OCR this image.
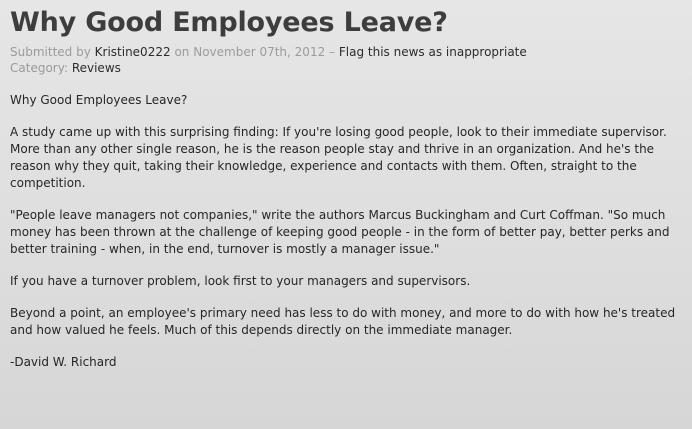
Why Good Employees Leave?
Submitted by Kristine0222 on November 07th, 2012 – Flag this news as inappropriate
Category: Reviews

Why Good Employees Leave?

A study came up with this surprising finding: If you're losing good people, look to their immediate supervisor. More than any other single reason, he is the reason people stay and thrive in an organization. And he's the reason why they quit, taking their knowledge, experience and contacts with them. Often, straight to the competition.

"People leave managers not companies," write the authors Marcus Buckingham and Curt Coffman. "So much money has been thrown at the challenge of keeping good people - in the form of better pay, better perks and better training - when, in the end, turnover is mostly a manager issue."

If you have a turnover problem, look first to your managers and supervisors.

Beyond a point, an employee's primary need has less to do with money, and more to do with how he's treated and how valued he feels. Much of this depends directly on the immediate manager.

-David W. Richard
